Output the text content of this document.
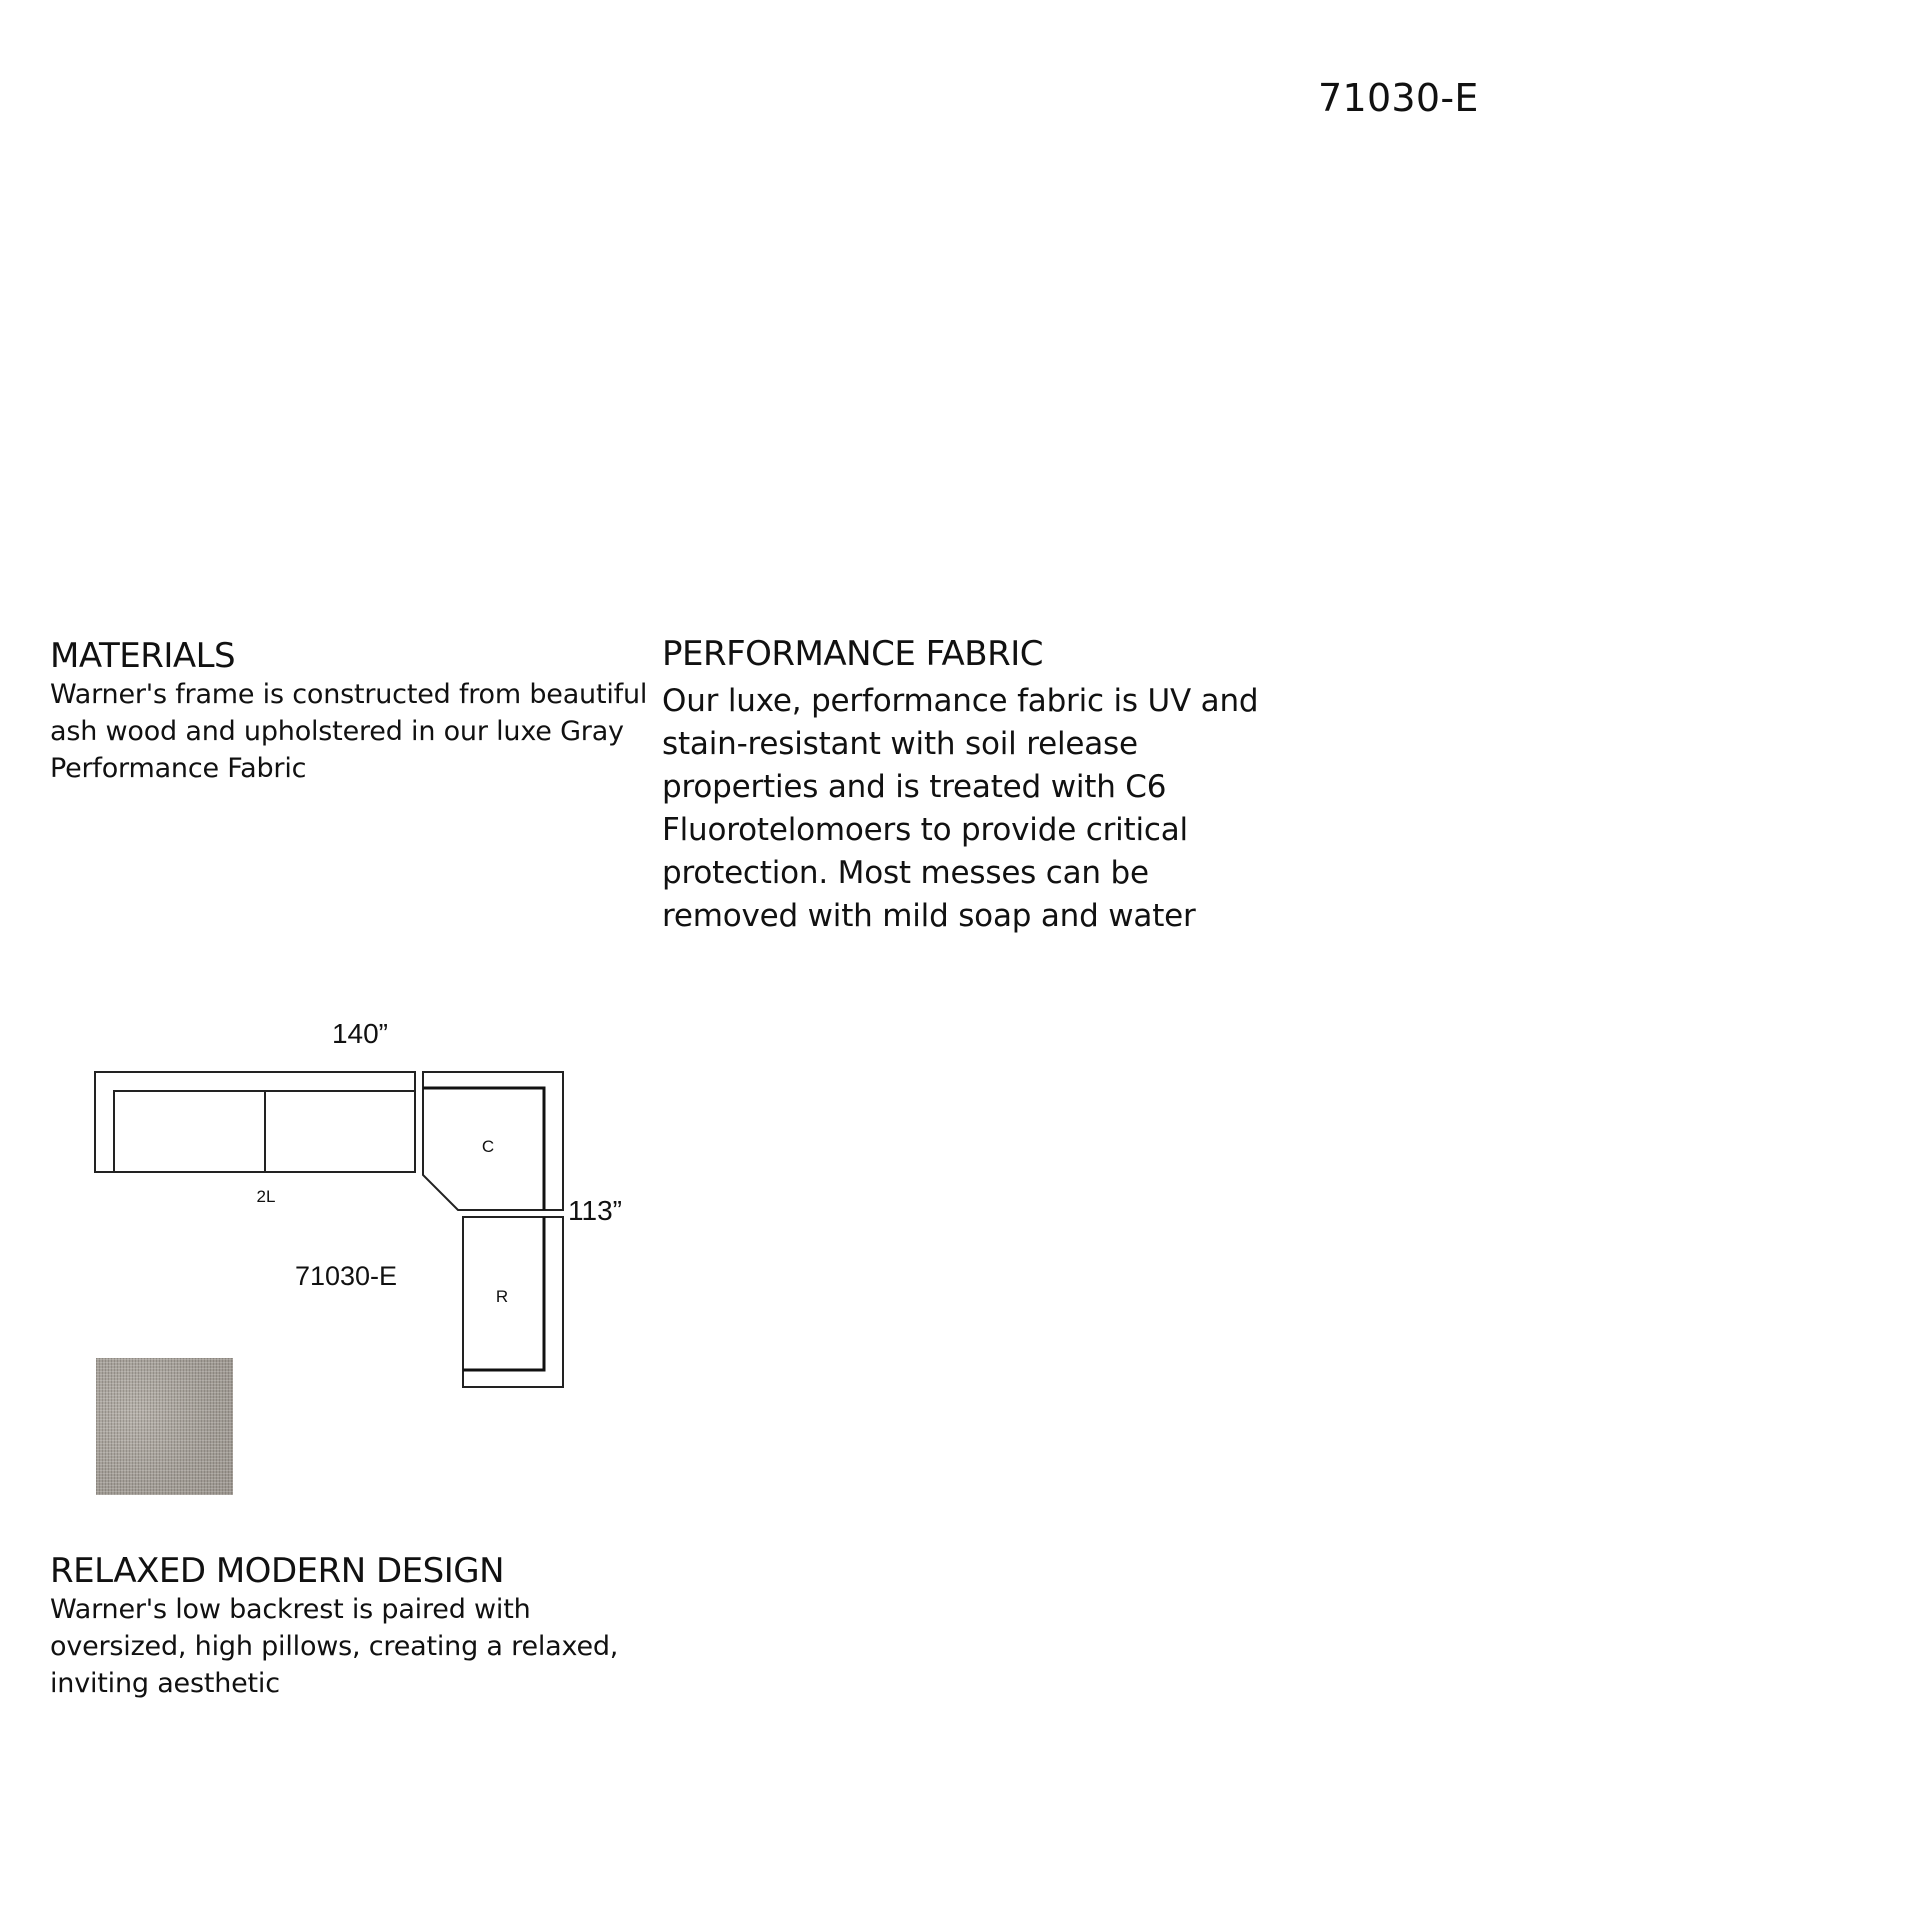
71030-E
MATERIALS

Warner's frame is constructed from beautiful

ash wood and upholstered in our luxe Gray

Performance Fabric

PERFORMANCE FABRIC

Our luxe, performance fabric is UV and

stain-resistant with soil release

properties and is treated with C6

Fluorotelomoers to provide critical

protection. Most messes can be

removed with mild soap and water

140”
2L
C
113”
R
71030-E
RELAXED MODERN DESIGN

Warner's low backrest is paired with

oversized, high pillows, creating a relaxed,

inviting aesthetic
